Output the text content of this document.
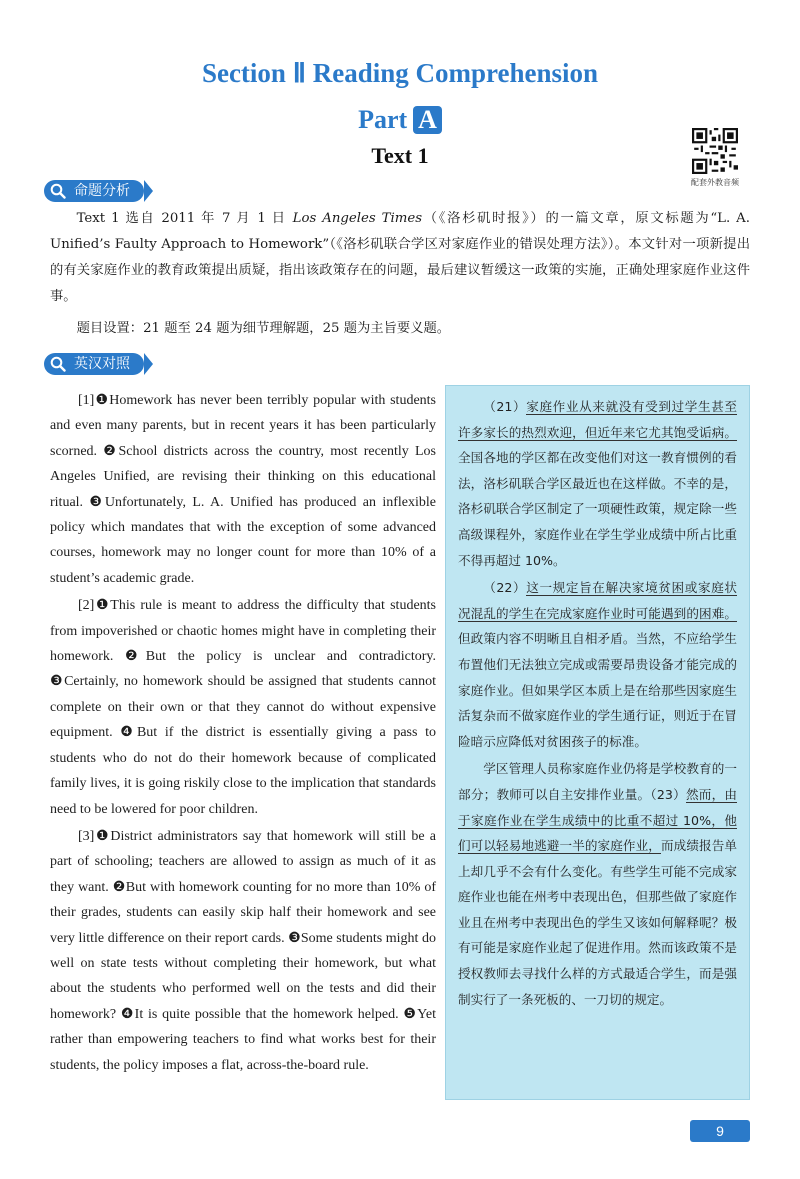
Section Ⅱ Reading Comprehension
Part A
Text 1
配套外教音频
命题分析

Text 1 选自 2011 年 7 月 1 日 Los Angeles Times（《洛杉矶时报》）的一篇文章，原文标题为“L. A. Unified’s Faulty Approach to Homework”（《洛杉矶联合学区对家庭作业的错误处理方法》）。本文针对一项新提出的有关家庭作业的教育政策提出质疑，指出该政策存在的问题，最后建议暂缓这一政策的实施，正确处理家庭作业这件事。

题目设置：21 题至 24 题为细节理解题，25 题为主旨要义题。

英汉对照

[1]❶Homework has never been terribly popular with students and even many parents, but in recent years it has been particularly scorned. ❷School districts across the country, most recently Los Angeles Unified, are revising their thinking on this educational ritual. ❸Unfortunately, L. A. Unified has produced an inflexible policy which mandates that with the exception of some advanced courses, homework may no longer count for more than 10% of a student’s academic grade.

[2]❶This rule is meant to address the difficulty that students from impoverished or chaotic homes might have in completing their homework. ❷But the policy is unclear and contradictory. ❸Certainly, no homework should be assigned that students cannot complete on their own or that they cannot do without expensive equipment. ❹But if the district is essentially giving a pass to students who do not do their homework because of complicated family lives, it is going riskily close to the implication that standards need to be lowered for poor children.

[3]❶District administrators say that homework will still be a part of schooling; teachers are allowed to assign as much of it as they want. ❷But with homework counting for no more than 10% of their grades, students can easily skip half their homework and see very little difference on their report cards. ❸Some students might do well on state tests without completing their homework, but what about the students who performed well on the tests and did their homework? ❹It is quite possible that the homework helped. ❺Yet rather than empowering teachers to find what works best for their students, the policy imposes a flat, across-the-board rule.

（21）家庭作业从来就没有受到过学生甚至许多家长的热烈欢迎，但近年来它尤其饱受诟病。全国各地的学区都在改变他们对这一教育惯例的看法，洛杉矶联合学区最近也在这样做。不幸的是，洛杉矶联合学区制定了一项硬性政策，规定除一些高级课程外，家庭作业在学生学业成绩中所占比重不得再超过 10%。

（22）这一规定旨在解决家境贫困或家庭状况混乱的学生在完成家庭作业时可能遇到的困难。但政策内容不明晰且自相矛盾。当然，不应给学生布置他们无法独立完成或需要昂贵设备才能完成的家庭作业。但如果学区本质上是在给那些因家庭生活复杂而不做家庭作业的学生通行证，则近于在冒险暗示应降低对贫困孩子的标准。

学区管理人员称家庭作业仍将是学校教育的一部分；教师可以自主安排作业量。（23）然而，由于家庭作业在学生成绩中的比重不超过 10%，他们可以轻易地逃避一半的家庭作业，而成绩报告单上却几乎不会有什么变化。有些学生可能不完成家庭作业也能在州考中表现出色，但那些做了家庭作业且在州考中表现出色的学生又该如何解释呢？极有可能是家庭作业起了促进作用。然而该政策不是授权教师去寻找什么样的方式最适合学生，而是强制实行了一条死板的、一刀切的规定。

9
